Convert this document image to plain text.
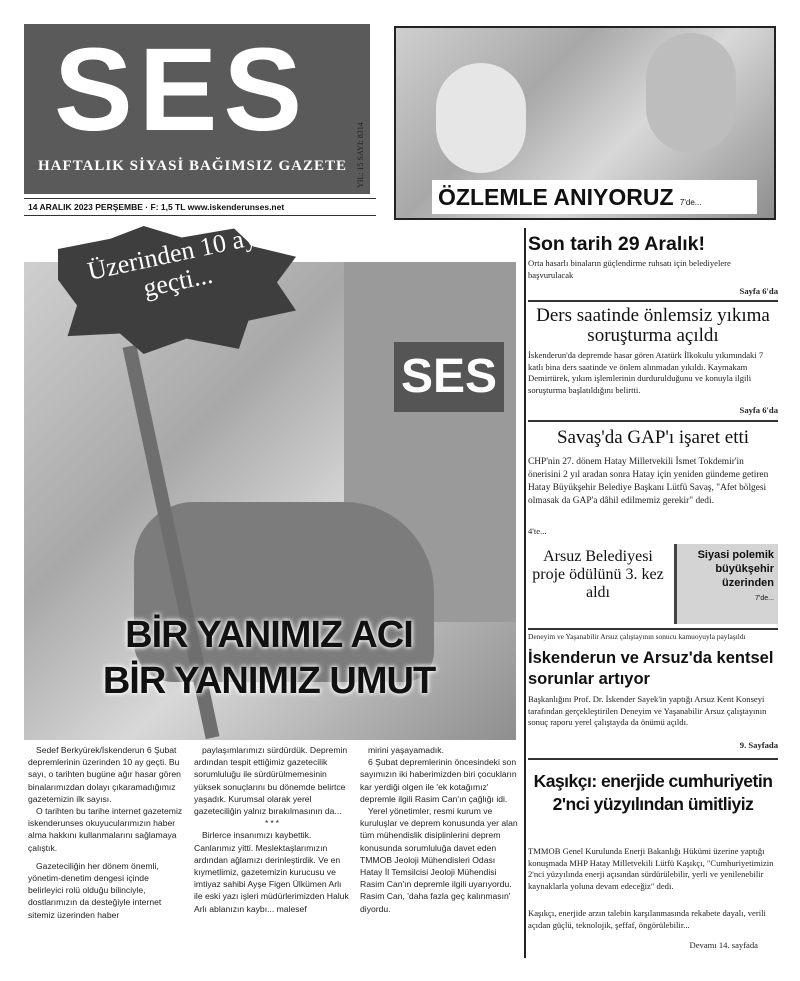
SES
HAFTALIK SİYASİ BAĞIMSIZ GAZETE	YIL: 15 SAYI: 8314
14 ARALIK 2023 PERŞEMBE · F: 1,5 TL www.iskenderunses.net	ÖZLEMLE ANIYORUZ 7'de...
SES
Üzerinden 10 ay geçti...
BİR YANIMIZ ACI
BİR YANIMIZ UMUT

Sedef Berkyürek/İskenderun 6 Şubat depremlerinin üzerinden 10 ay geçti. Bu sayı, o tarihten bugüne ağır hasar gören binalarımızdan dolayı çıkaramadığımız gazetemizin ilk sayısı.

O tarihten bu tarihe internet gazetemiz iskenderunses okuyucularımızın haber alma hakkını kullanmalarını sağlamaya çalıştık.

Gazeteciliğin her dönem önemli, yönetim-denetim dengesi içinde belirleyici rolü olduğu bilinciyle, dostlarımızın da desteğiyle internet sitemiz üzerinden haber

paylaşımlarımızı sürdürdük. Depremin ardından tespit ettiğimiz gazetecilik sorumluluğu ile sürdürülmemesinin yüksek sonuçlarını bu dönemde belirtce yaşadık. Kurumsal olarak yerel gazeteciliğin yalnız bırakılmasının da...

***

Birlerce insanımızı kaybettik. Canlarımız yitti. Meslektaşlarımızın ardından ağlamızı derinleştirdik. Ve en kıymetlimiz, gazetemizin kurucusu ve imtiyaz sahibi Ayşe Figen Ülkümen Arlı ile eski yazı işleri müdürlerimizden Haluk Arlı ablanızın kaybı... malesef

mirini yaşayamadık.

6 Şubat depremlerinin öncesindeki son sayımızın iki haberimizden biri çocukların kar yerdiği olgen ile 'ek kotağımız' depremle ilgili Rasim Can'ın çağlığı idi.

Yerel yönetimler, resmi kurum ve kuruluşlar ve deprem konusunda yer alan tüm mühendislik disiplinlerini deprem konusunda sorumluluğa davet eden TMMOB Jeoloji Mühendisleri Odası Hatay İl Temsilcisi Jeoloji Mühendisi Rasim Can'ın depremle ilgili uyarıyordu. Rasim Can, 'daha fazla geç kalınmasın' diyordu.

Son tarih 29 Aralık!
Orta hasarlı binaların güçlendirme ruhsatı için belediyelere başvurulacak
Sayfa 6'da
Ders saatinde önlemsiz yıkıma soruşturma açıldı
İskenderun'da depremde hasar gören Atatürk İlkokulu yıkımındaki 7 katlı bina ders saatinde ve önlem alınmadan yıkıldı. Kaymakam Demirtürek, yıkım işlemlerinin durdurulduğunu ve konuyla ilgili soruşturma başlatıldığını belirtti.
Sayfa 6'da
Savaş'da GAP'ı işaret etti
CHP'nin 27. dönem Hatay Milletvekili İsmet Tokdemir'in önerisini 2 yıl aradan sonra Hatay için yeniden gündeme getiren Hatay Büyükşehir Belediye Başkanı Lütfü Savaş, "Afet bölgesi olmasak da GAP'a dâhil edilmemiz gerekir" dedi.
4'te...
Arsuz Belediyesi proje ödülünü 3. kez aldı
Siyasi polemik büyükşehir üzerinden
7'de...
Deneyim ve Yaşanabilir Arsuz çalıştayının sonucu kamuoyuyla paylaşıldı
İskenderun ve Arsuz'da kentsel sorunlar artıyor
Başkanlığını Prof. Dr. İskender Sayek'in yaptığı Arsuz Kent Konseyi tarafından gerçekleştirilen Deneyim ve Yaşanabilir Arsuz çalıştayının sonuç raporu yerel çalıştayda da önümü açıldı.
9. Sayfada
Kaşıkçı: enerjide cumhuriyetin 2'nci yüzyılından ümitliyiz
TMMOB Genel Kurulunda Enerji Bakanlığı Hükümi üzerine yaptığı konuşmada MHP Hatay Milletvekili Lütfü Kaşıkçı, "Cumhuriyetimizin 2'nci yüzyılında enerji açısından sürdürülebilir, yerli ve yenilenebilir kaynaklarla yoluna devam edeceğiz" dedi.
Kaşıkçı, enerjide arzın talebin karşılanmasında rekabete dayalı, verili açıdan güçlü, teknolojik, şeffaf, öngörülebilir...
Devamı 14. sayfada
